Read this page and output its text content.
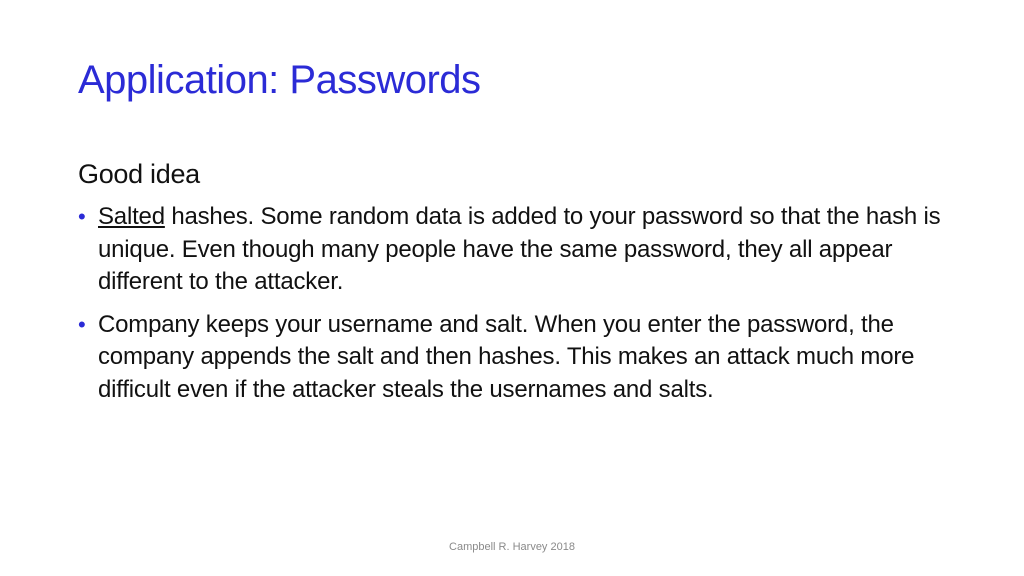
Application: Passwords
Good idea
• Salted hashes. Some random data is added to your password so that the hash is unique. Even though many people have the same password, they all appear different to the attacker.
• Company keeps your username and salt. When you enter the password, the company appends the salt and then hashes. This makes an attack much more difficult even if the attacker steals the usernames and salts.
Campbell R. Harvey 2018
